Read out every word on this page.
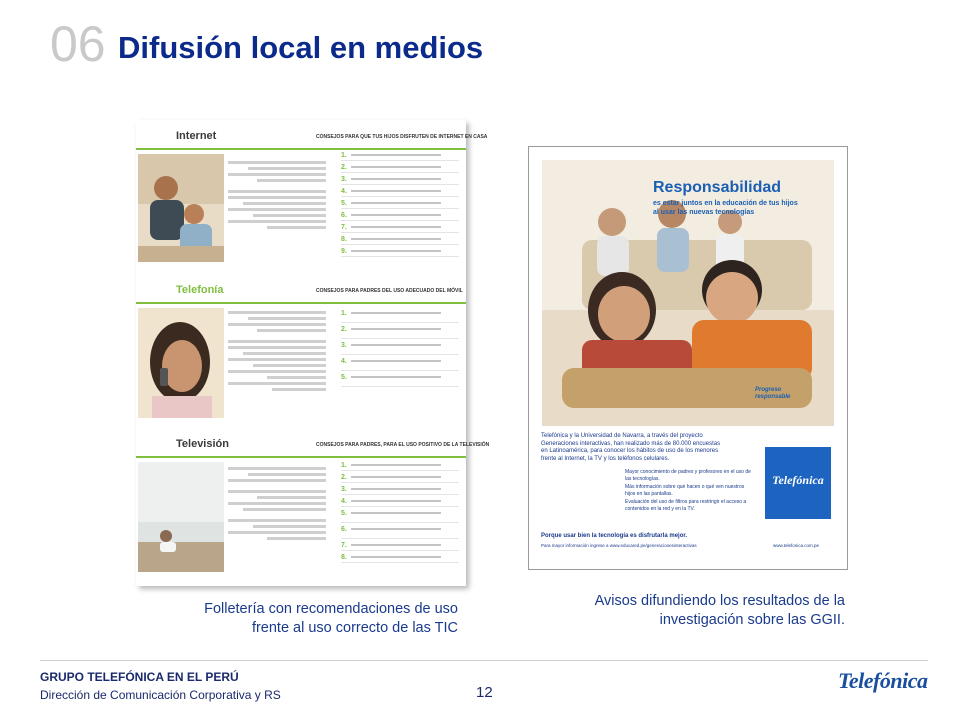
06 Difusión local en medios
Internet	CONSEJOS PARA QUE TUS HIJOS DISFRUTEN DE INTERNET EN CASA
1.
2.
3.
4.
5.
6.
7.
8.
9.
Telefonía	CONSEJOS PARA PADRES DEL USO ADECUADO DEL MÓVIL
1.
2.
3.
4.
5.
Televisión	CONSEJOS PARA PADRES, PARA EL USO POSITIVO DE LA TELEVISIÓN
1.
2.
3.
4.
5.
6.
7.
8.
Responsabilidad
es estar juntos en la educación de tus hijos
al usar las nuevas tecnologías
Progreso
responsable
Telefónica y la Universidad de Navarra, a través del proyecto
Generaciones interactivas, han realizado más de 80.000 encuestas
en Latinoamérica, para conocer los hábitos de uso de los menores
frente al Internet, la TV y los teléfonos celulares.
Mayor conocimiento de padres y profesores en el uso de las tecnologías.
Más información sobre qué hacen o qué ven nuestros hijos en las pantallas.
Evaluación del uso de filtros para restringir el acceso a contenidos en la red y en la TV.
Telefónica
Porque usar bien la tecnología es disfrutarla mejor.
Para mayor información ingrese a www.educared.pe/generacionesinteractivas	www.telefonica.com.pe
Folletería con recomendaciones de uso
frente al uso correcto de las TIC
Avisos difundiendo los resultados de la
investigación sobre las GGII.
GRUPO TELEFÓNICA EN EL PERÚ
Dirección de Comunicación Corporativa y RS	12	Telefónica
